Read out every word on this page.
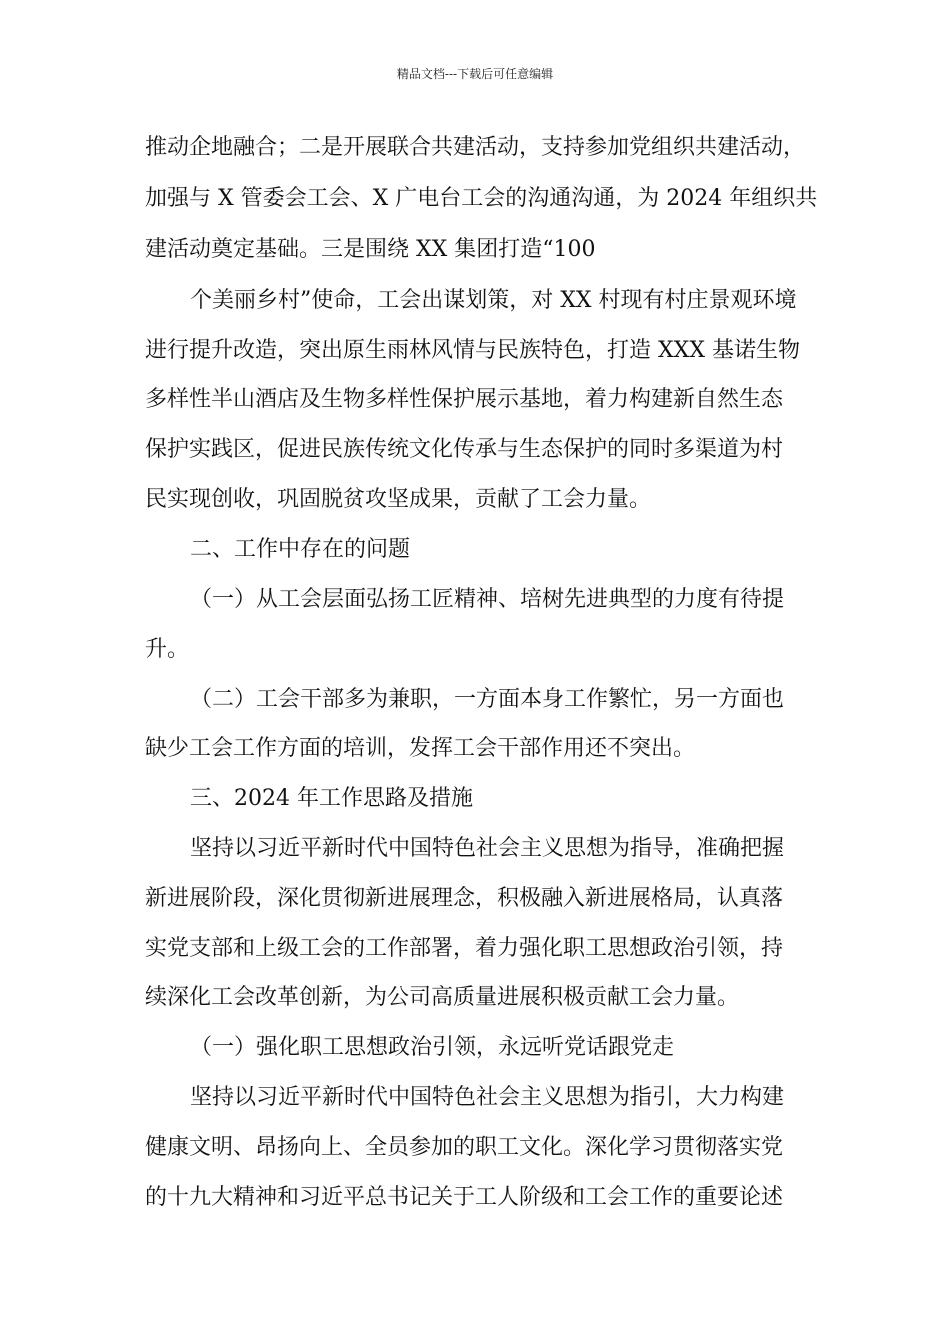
精品文档---下载后可任意编辑
推动企地融合；二是开展联合共建活动，支持参加党组织共建活动，
加强与 X 管委会工会、X 广电台工会的沟通沟通，为 2024 年组织共
建活动奠定基础。三是围绕 XX 集团打造“100
个美丽乡村”使命，工会出谋划策，对 XX 村现有村庄景观环境
进行提升改造，突出原生雨林风情与民族特色，打造 XXX 基诺生物
多样性半山酒店及生物多样性保护展示基地，着力构建新自然生态
保护实践区，促进民族传统文化传承与生态保护的同时多渠道为村
民实现创收，巩固脱贫攻坚成果，贡献了工会力量。
二、工作中存在的问题
（一）从工会层面弘扬工匠精神、培树先进典型的力度有待提
升。
（二）工会干部多为兼职，一方面本身工作繁忙，另一方面也
缺少工会工作方面的培训，发挥工会干部作用还不突出。
三、2024 年工作思路及措施
坚持以习近平新时代中国特色社会主义思想为指导，准确把握
新进展阶段，深化贯彻新进展理念，积极融入新进展格局，认真落
实党支部和上级工会的工作部署，着力强化职工思想政治引领，持
续深化工会改革创新，为公司高质量进展积极贡献工会力量。
（一）强化职工思想政治引领，永远听党话跟党走
坚持以习近平新时代中国特色社会主义思想为指引，大力构建
健康文明、昂扬向上、全员参加的职工文化。深化学习贯彻落实党
的十九大精神和习近平总书记关于工人阶级和工会工作的重要论述
